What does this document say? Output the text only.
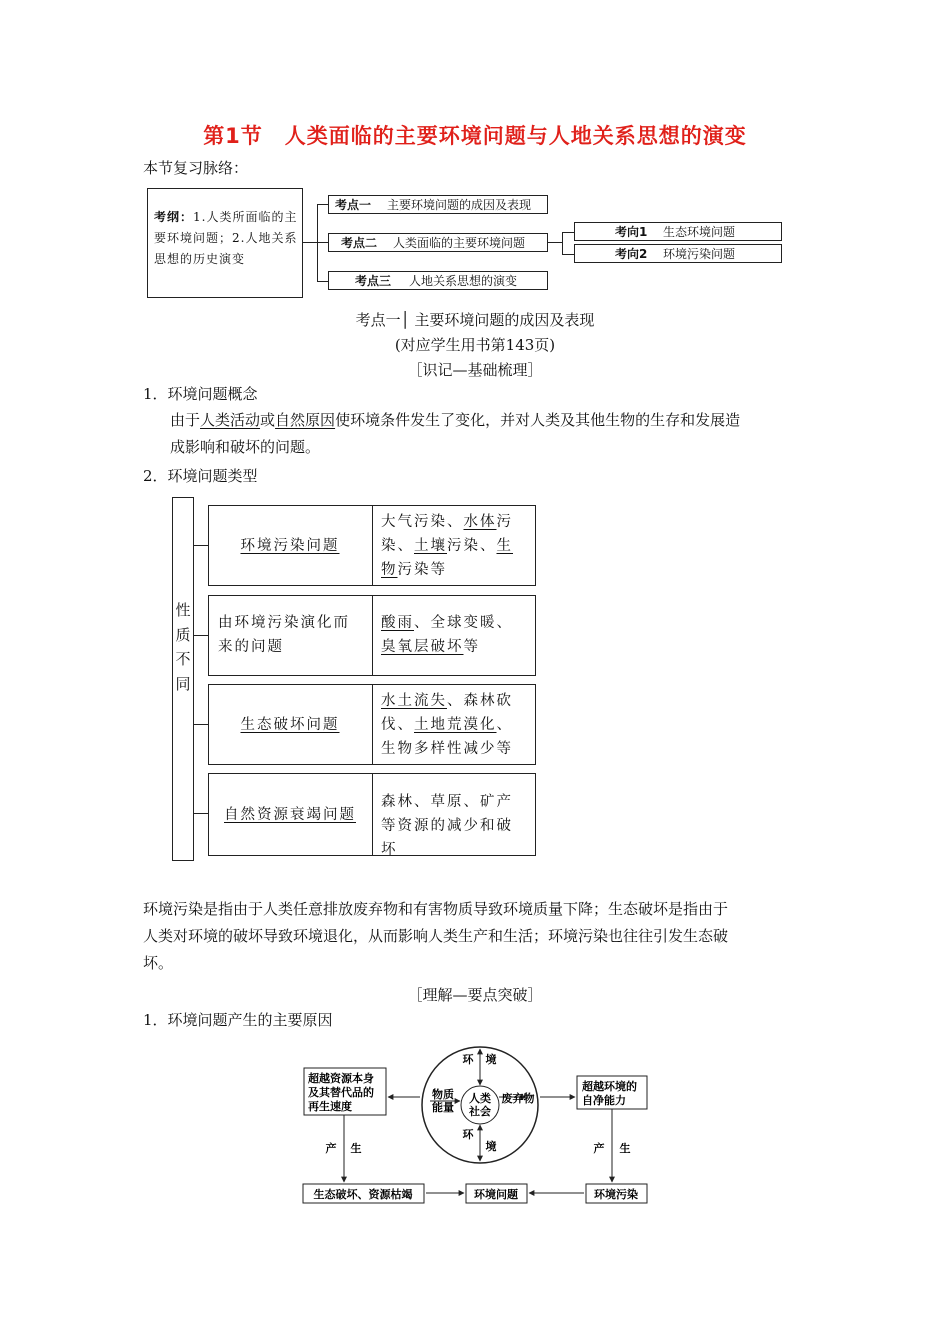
第1节　人类面临的主要环境问题与人地关系思想的演变
本节复习脉络：
考纲：1.人类所面临的主要环境问题；2.人地关系思想的历史演变
考点一	主要环境问题的成因及表现
考点二	人类面临的主要环境问题
考点三	人地关系思想的演变
考向1	生态环境问题
考向2	环境污染问题
考点一│ 主要环境问题的成因及表现
(对应学生用书第143页)
［识记—基础梳理］
1．环境问题概念
由于人类活动或自然原因使环境条件发生了变化，并对人类及其他生物的生存和发展造
成影响和破坏的问题。
2．环境问题类型
性
质
不
同
环境污染问题
大气污染、水体污染、土壤污染、生物污染等
由环境污染演化而来的问题
酸雨、全球变暖、臭氧层破坏等
生态破坏问题
水土流失、森林砍伐、土地荒漠化、生物多样性减少等
自然资源衰竭问题
森林、草原、矿产等资源的减少和破坏
环境污染是指由于人类任意排放废弃物和有害物质导致环境质量下降；生态破坏是指由于
人类对环境的破坏导致环境退化，从而影响人类生产和生活；环境污染也往往引发生态破
坏。
［理解—要点突破］
1．环境问题产生的主要原因
环 境
环
境
物质
能量
人类
社会
废弃物
超越资源本身
及其替代品的
再生速度
超越环境的
自净能力
产 生	产 生
生态破坏、资源枯竭	环境问题	环境污染
